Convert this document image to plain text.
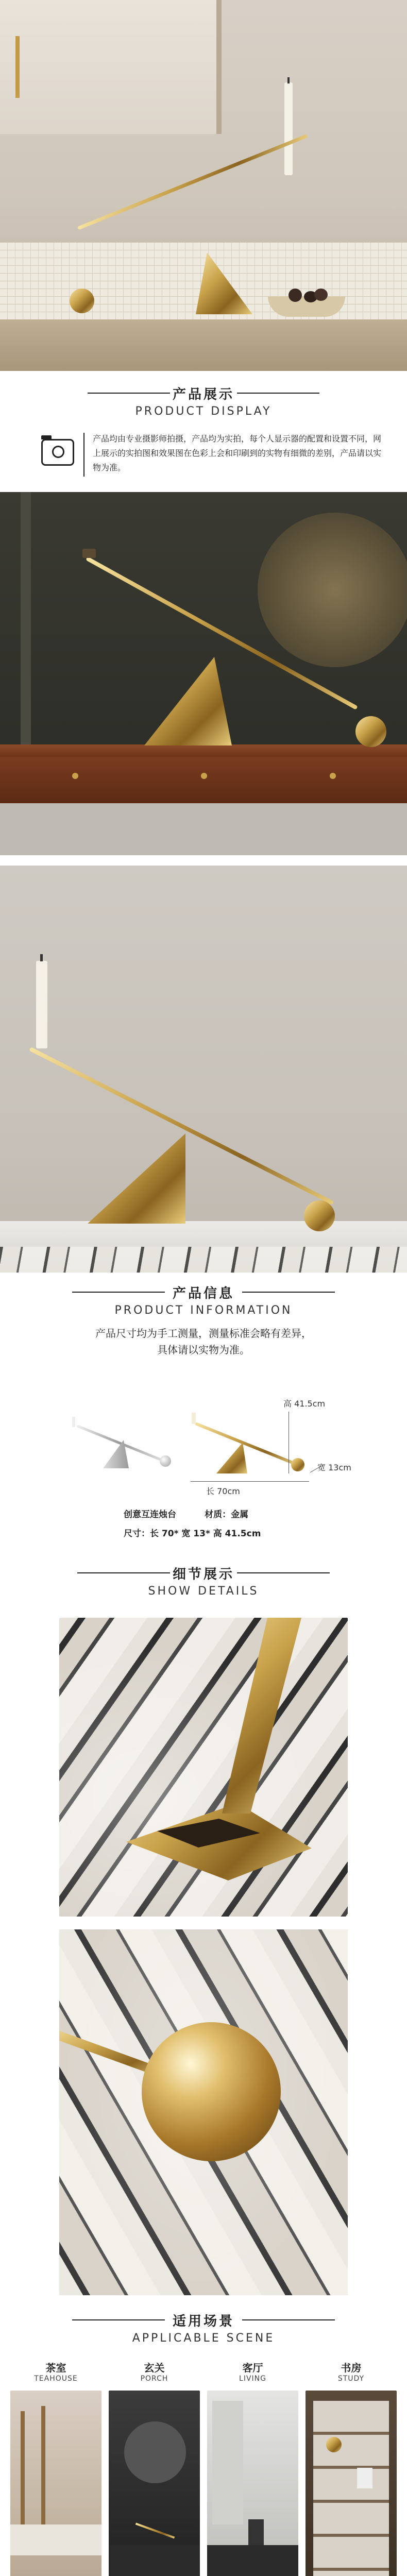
产品展示
PRODUCT DISPLAY
产品均由专业摄影师拍摄，产品均为实拍，每个人显示器的配置和设置不同，网上展示的实拍图和效果图在色彩上会和印刷到的实物有细微的差别，产品请以实物为准。
产品信息
PRODUCT INFORMATION
产品尺寸均为手工测量，测量标准会略有差异，
具体请以实物为准。
高 41.5cm
长 70cm
宽 13cm
创意互连烛台	材质：金属
尺寸：长 70* 宽 13* 高 41.5cm
细节展示
SHOW DETAILS
适用场景
APPLICABLE SCENE
茶室
TEAHOUSE
玄关
PORCH
客厅
LIVING
书房
STUDY
